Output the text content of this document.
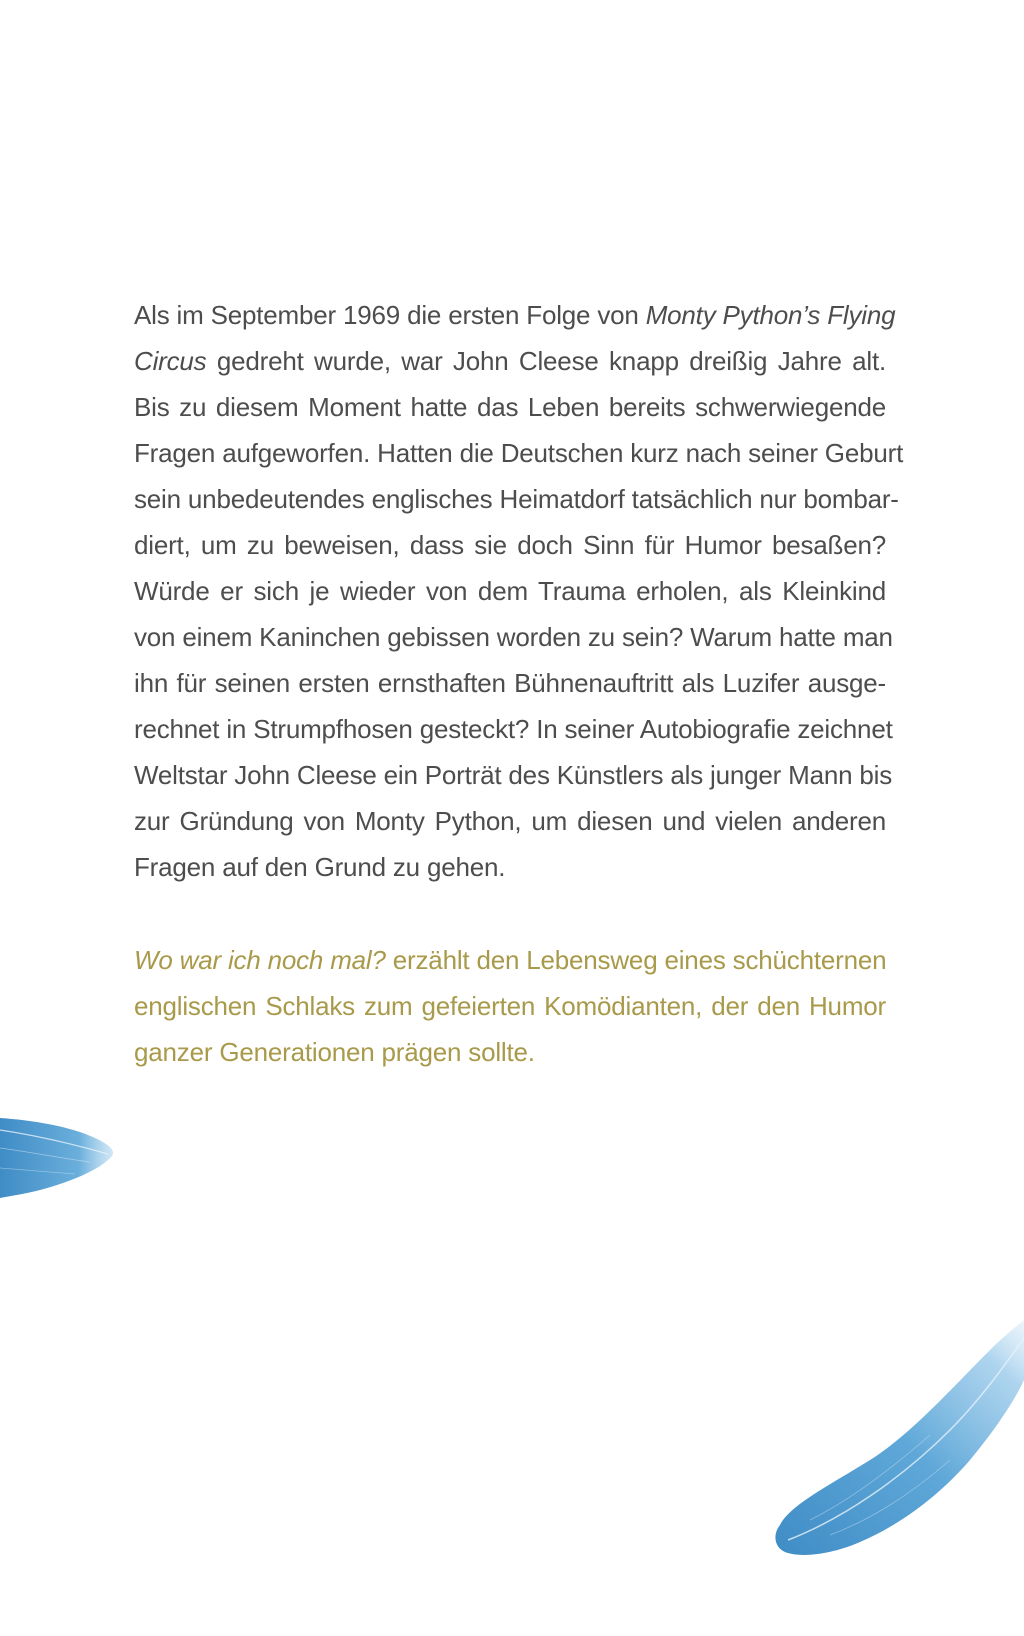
Als im September 1969 die ersten Folge von Monty Python’s Flying
Circus gedreht wurde, war John Cleese knapp dreißig Jahre alt.
Bis zu diesem Moment hatte das Leben bereits schwerwiegende
Fragen aufgeworfen. Hatten die Deutschen kurz nach seiner Geburt
sein unbedeutendes englisches Heimatdorf tatsächlich nur bombar-
diert, um zu beweisen, dass sie doch Sinn für Humor besaßen?
Würde er sich je wieder von dem Trauma erholen, als Kleinkind
von einem Kaninchen gebissen worden zu sein? Warum hatte man
ihn für seinen ersten ernsthaften Bühnenauftritt als Luzifer ausge-
rechnet in Strumpfhosen gesteckt? In seiner Autobiografie zeichnet
Weltstar John Cleese ein Porträt des Künstlers als junger Mann bis
zur Gründung von Monty Python, um diesen und vielen anderen
Fragen auf den Grund zu gehen.
Wo war ich noch mal? erzählt den Lebensweg eines schüchternen
englischen Schlaks zum gefeierten Komödianten, der den Humor
ganzer Generationen prägen sollte.
